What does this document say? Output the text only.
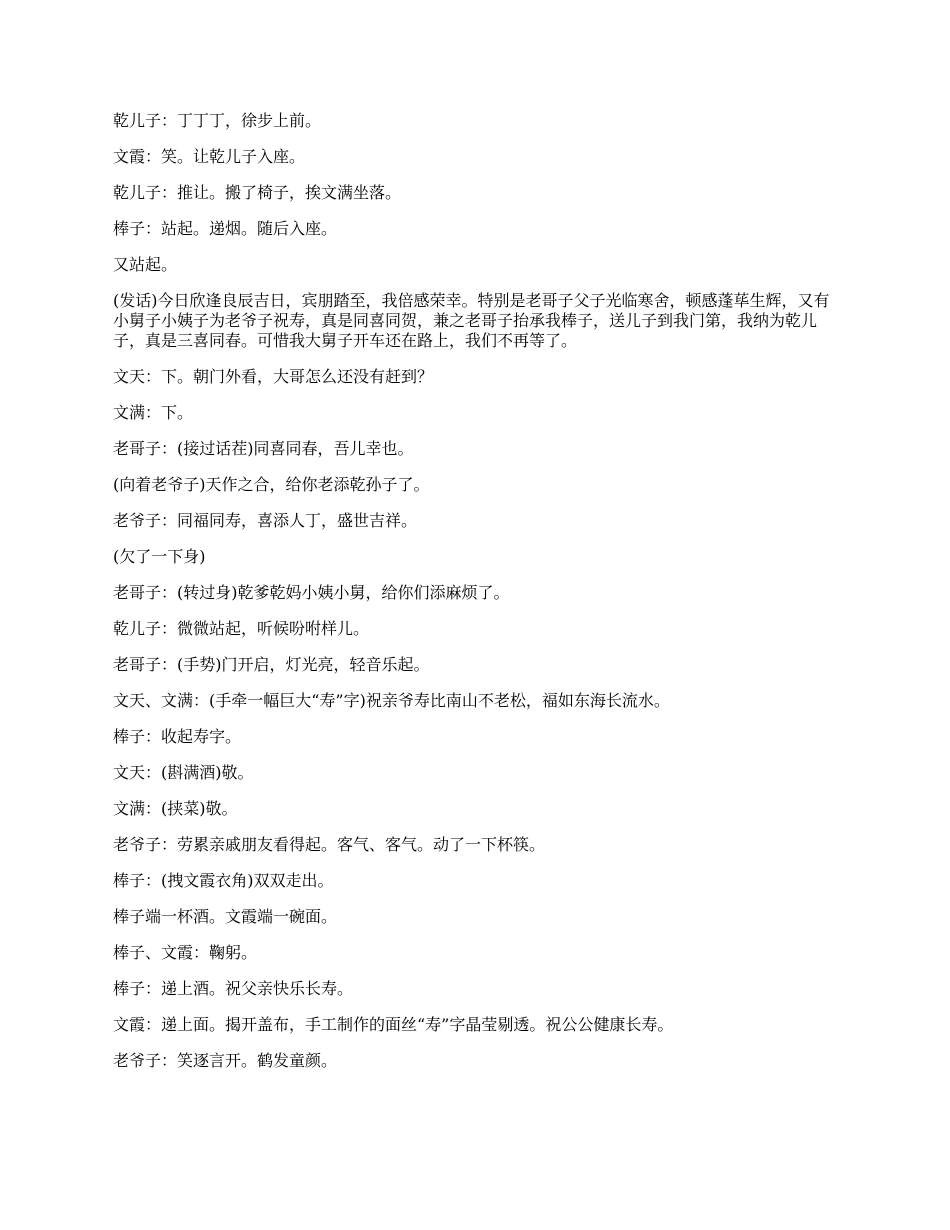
乾儿子：丁丁丁，徐步上前。

文霞：笑。让乾儿子入座。

乾儿子：推让。搬了椅子，挨文满坐落。

棒子：站起。递烟。随后入座。

又站起。

(发话)今日欣逢良辰吉日，宾朋踏至，我倍感荣幸。特别是老哥子父子光临寒舍，顿感蓬荜生辉，又有小舅子小姨子为老爷子祝寿，真是同喜同贺，兼之老哥子抬承我棒子，送儿子到我门第，我纳为乾儿子，真是三喜同春。可惜我大舅子开车还在路上，我们不再等了。

文天：下。朝门外看，大哥怎么还没有赶到？

文满：下。

老哥子：(接过话茬)同喜同春，吾儿幸也。

(向着老爷子)天作之合，给你老添乾孙子了。

老爷子：同福同寿，喜添人丁，盛世吉祥。

(欠了一下身)

老哥子：(转过身)乾爹乾妈小姨小舅，给你们添麻烦了。

乾儿子：微微站起，听候吩咐样儿。

老哥子：(手势)门开启，灯光亮，轻音乐起。

文天、文满：(手牵一幅巨大“寿”字)祝亲爷寿比南山不老松，福如东海长流水。

棒子：收起寿字。

文天：(斟满酒)敬。

文满：(挟菜)敬。

老爷子：劳累亲戚朋友看得起。客气、客气。动了一下杯筷。

棒子：(拽文霞衣角)双双走出。

棒子端一杯酒。文霞端一碗面。

棒子、文霞：鞠躬。

棒子：递上酒。祝父亲快乐长寿。

文霞：递上面。揭开盖布，手工制作的面丝“寿”字晶莹剔透。祝公公健康长寿。

老爷子：笑逐言开。鹤发童颜。
